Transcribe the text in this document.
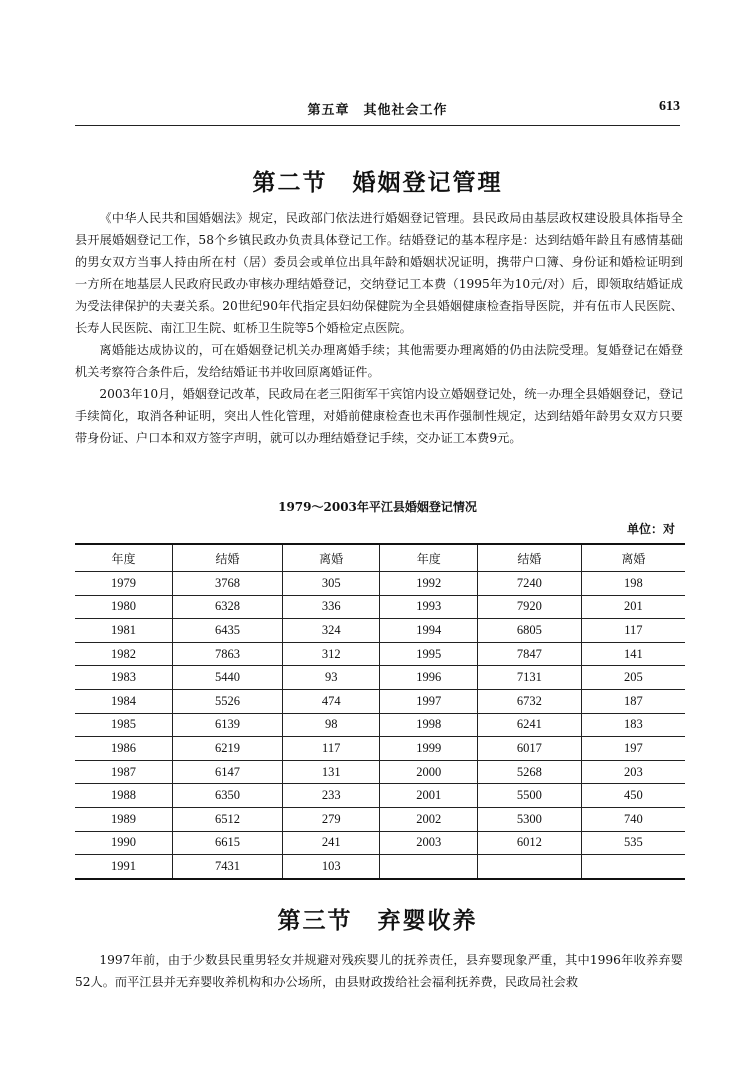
第五章　其他社会工作	613
第二节　婚姻登记管理

《中华人民共和国婚姻法》规定，民政部门依法进行婚姻登记管理。县民政局由基层政权建设股具体指导全县开展婚姻登记工作，58个乡镇民政办负责具体登记工作。结婚登记的基本程序是：达到结婚年龄且有感情基础的男女双方当事人持由所在村（居）委员会或单位出具年龄和婚姻状况证明，携带户口簿、身份证和婚检证明到一方所在地基层人民政府民政办审核办理结婚登记，交纳登记工本费（1995年为10元/对）后，即领取结婚证成为受法律保护的夫妻关系。20世纪90年代指定县妇幼保健院为全县婚姻健康检查指导医院，并有伍市人民医院、长寿人民医院、南江卫生院、虹桥卫生院等5个婚检定点医院。

离婚能达成协议的，可在婚姻登记机关办理离婚手续；其他需要办理离婚的仍由法院受理。复婚登记在婚登机关考察符合条件后，发给结婚证书并收回原离婚证件。

2003年10月，婚姻登记改革，民政局在老三阳街军干宾馆内设立婚姻登记处，统一办理全县婚姻登记，登记手续简化，取消各种证明，突出人性化管理，对婚前健康检查也未再作强制性规定，达到结婚年龄男女双方只要带身份证、户口本和双方签字声明，就可以办理结婚登记手续，交办证工本费9元。

1979～2003年平江县婚姻登记情况
单位：对
年度	结婚	离婚	年度	结婚	离婚
1979	3768	305	1992	7240	198
1980	6328	336	1993	7920	201
1981	6435	324	1994	6805	117
1982	7863	312	1995	7847	141
1983	5440	93	1996	7131	205
1984	5526	474	1997	6732	187
1985	6139	98	1998	6241	183
1986	6219	117	1999	6017	197
1987	6147	131	2000	5268	203
1988	6350	233	2001	5500	450
1989	6512	279	2002	5300	740
1990	6615	241	2003	6012	535
1991	7431	103			
第三节　弃婴收养

1997年前，由于少数县民重男轻女并规避对残疾婴儿的抚养责任，县弃婴现象严重，其中1996年收养弃婴52人。而平江县并无弃婴收养机构和办公场所，由县财政拨给社会福利抚养费，民政局社会救
